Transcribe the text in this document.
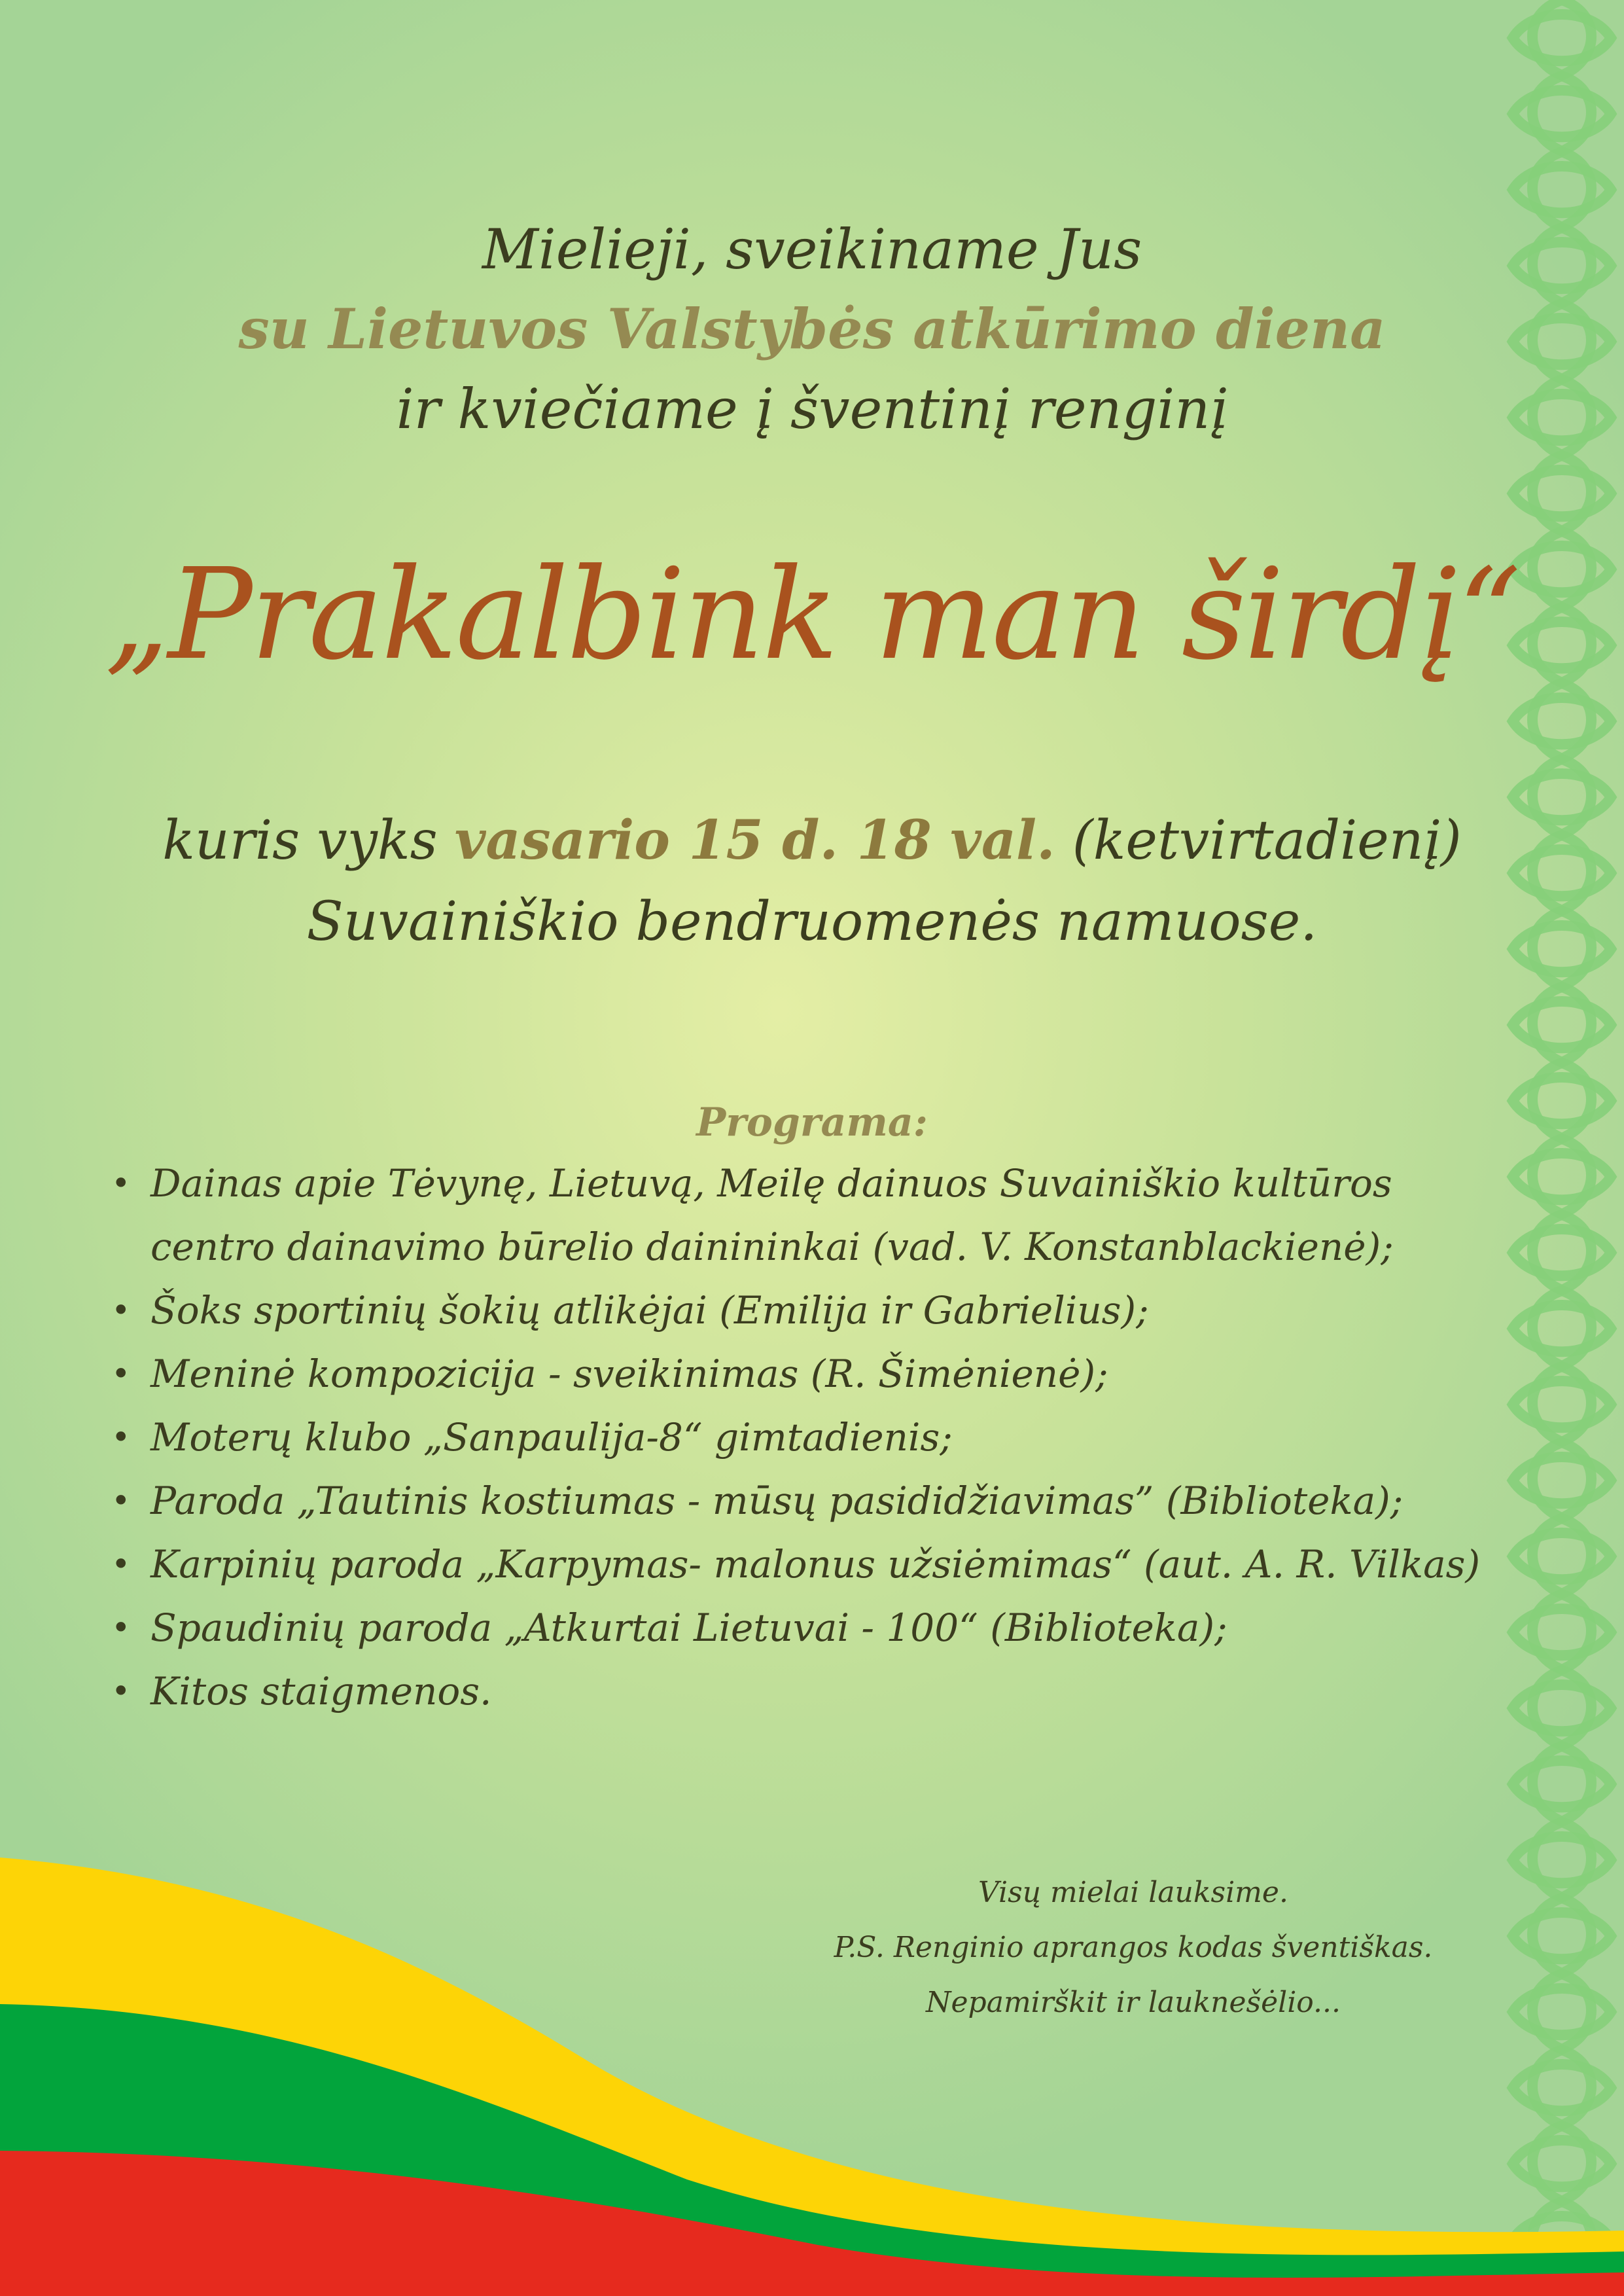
Mielieji, sveikiname Jus
su Lietuvos Valstybės atkūrimo diena
ir kviečiame į šventinį renginį
„Prakalbink man širdį“
kuris vyks vasario 15 d. 18 val. (ketvirtadienį)
Suvainiškio bendruomenės namuose.
Programa:
• Dainas apie Tėvynę, Lietuvą, Meilę dainuos Suvainiškio kultūros
centro dainavimo būrelio dainininkai (vad. V. Konstanblackienė);
• Šoks sportinių šokių atlikėjai (Emilija ir Gabrielius);
• Meninė kompozicija - sveikinimas (R. Šimėnienė);
• Moterų klubo „Sanpaulija-8“ gimtadienis;
• Paroda „Tautinis kostiumas - mūsų pasididžiavimas” (Biblioteka);
• Karpinių paroda „Karpymas- malonus užsiėmimas“ (aut. A. R. Vilkas)
• Spaudinių paroda „Atkurtai Lietuvai - 100“ (Biblioteka);
• Kitos staigmenos.
Visų mielai lauksime.
P.S. Renginio aprangos kodas šventiškas.
Nepamirškit ir lauknešėlio...
